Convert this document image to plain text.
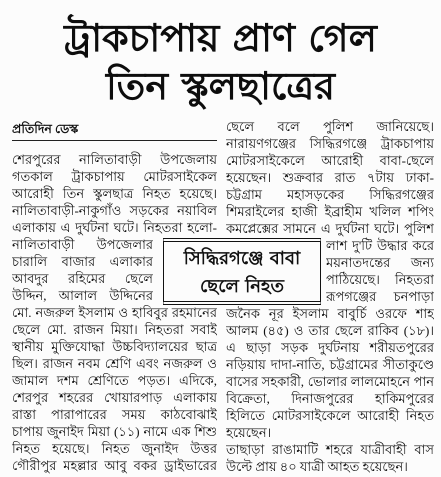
ট্রাকচাপায় প্রাণ গেল
তিন স্কুলছাত্রের
প্রতিদিন ডেস্ক
শেরপুরের নালিতাবাড়ী উপজেলায়
গতকাল ট্রাকচাপায় মোটরসাইকেল
আরোহী তিন স্কুলছাত্র নিহত হয়েছে।
নালিতাবাড়ী-নাকুগাঁও সড়কের নয়াবিল
এলাকায় এ দুর্ঘটনা ঘটে। নিহতরা হলো-
নালিতাবাড়ী উপজেলার
চারালি বাজার এলাকার
আবদুর রহিমের ছেলে
উদ্দিন, আলাল উদ্দিনের
মো. নজরুল ইসলাম ও হাবিবুর রহমানের
ছেলে মো. রাজন মিয়া। নিহতরা সবাই
স্থানীয় মুক্তিযোদ্ধা উচ্চবিদ্যালয়ের ছাত্র
ছিল। রাজন নবম শ্রেণি এবং নজরুল ও
জামাল দশম শ্রেণিতে পড়ত। এদিকে,
শেরপুর শহরের খোয়ারপাড় এলাকায়
রাস্তা পারাপারের সময় কাঠবোঝাই
চাপায় জুনাইদ মিয়া (১১) নামে এক শিশু
নিহত হয়েছে। নিহত জুনাইদ উত্তর
গৌরীপুর মহল্লার আবু বকর ড্রাইভারের
ছেলে বলে পুলিশ জানিয়েছে।
নারায়ণগঞ্জের সিদ্ধিরগঞ্জে ট্রাকচাপায়
মোটরসাইকেলে আরোহী বাবা-ছেলে
হয়েছেন। শুক্রবার রাত ৭টায় ঢাকা-
চট্টগ্রাম মহাসড়কের সিদ্ধিরগঞ্জের
শিমরাইলের হাজী ইব্রাহীম খলিল শপিং
কমপ্লেক্সের সামনে এ দুর্ঘটনা ঘটে। পুলিশ
লাশ দু'টি উদ্ধার করে
ময়নাতদন্তের জন্য
পাঠিয়েছে। নিহতরা
রূপগঞ্জের চনপাড়া
জনৈক নূর ইসলাম বাবুর্চি ওরফে শাহ
আলম (৪৫) ও তার ছেলে রাকিব (১৮)।
এ ছাড়া সড়ক দুর্ঘটনায় শরীয়তপুরের
নড়িয়ায় দাদা-নাতি, চট্টগ্রামের সীতাকুণ্ডে
বাসের সহকারী, ভোলার লালমোহনে পান
বিক্রেতা, দিনাজপুরের হাকিমপুরের
হিলিতে মোটরসাইকেলে আরোহী নিহত
হয়েছেন।
তাছাড়া রাঙামাটি শহরে যাত্রীবাহী বাস
উল্টে প্রায় ৪০ যাত্রী আহত হয়েছেন।
সিদ্ধিরগঞ্জে বাবা
ছেলে নিহত
